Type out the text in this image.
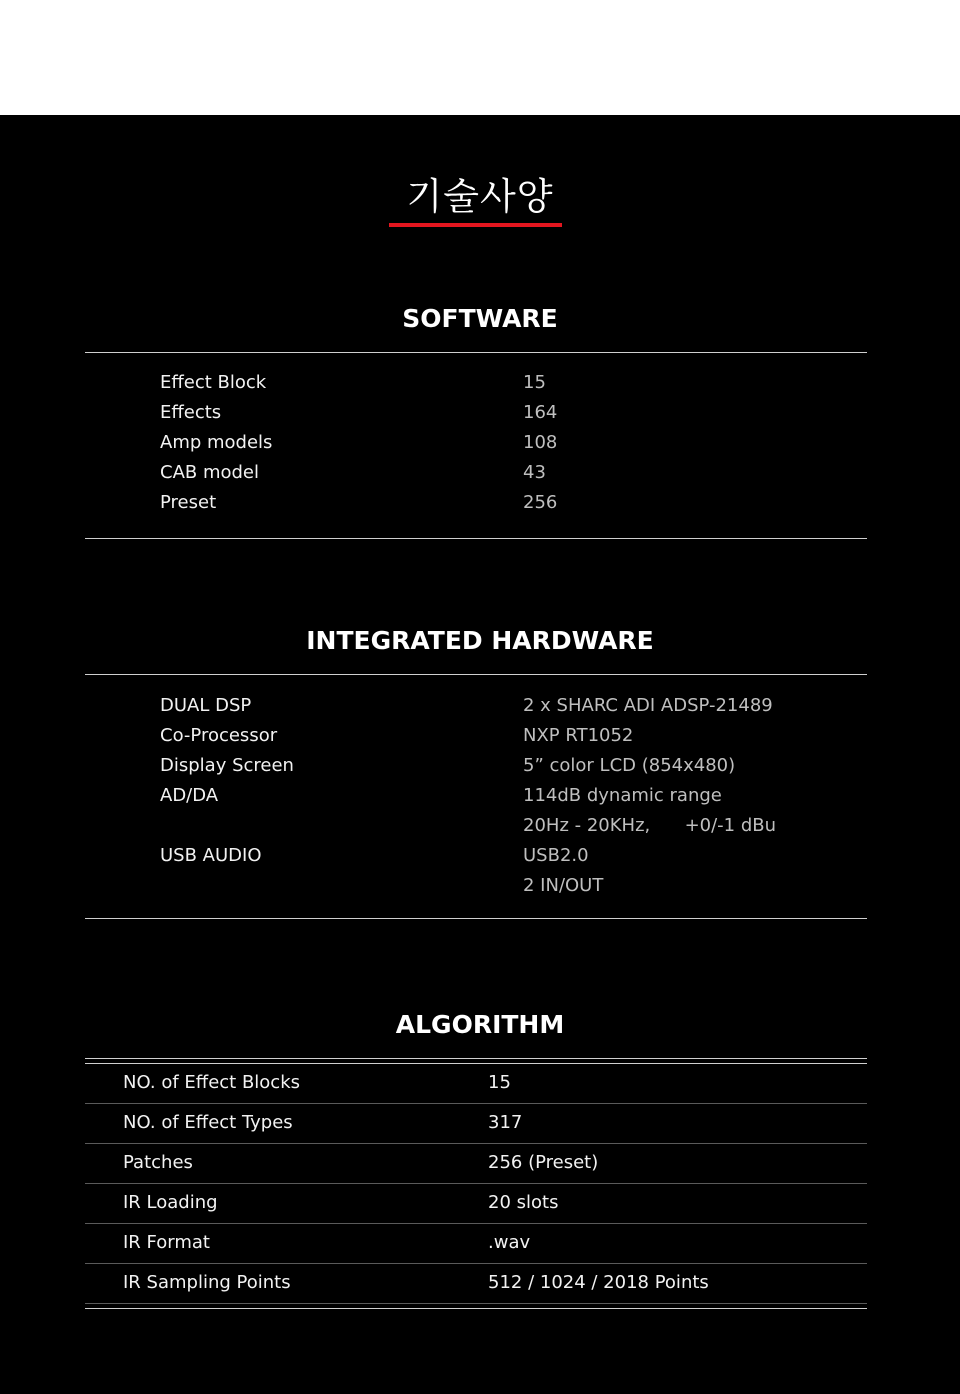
기술사양
SOFTWARE
Effect Block	15
Effects	164
Amp models	108
CAB model	43
Preset	256
INTEGRATED HARDWARE
DUAL DSP	2 x SHARC ADI ADSP-21489
Co-Processor	NXP RT1052
Display Screen	5” color LCD (854x480)
AD/DA	114dB dynamic range
20Hz - 20KHz,      +0/-1 dBu
USB AUDIO	USB2.0
2 IN/OUT
ALGORITHM
NO. of Effect Blocks	15
NO. of Effect Types	317
Patches	256 (Preset)
IR Loading	20 slots
IR Format	.wav
IR Sampling Points	512 / 1024 / 2018 Points
